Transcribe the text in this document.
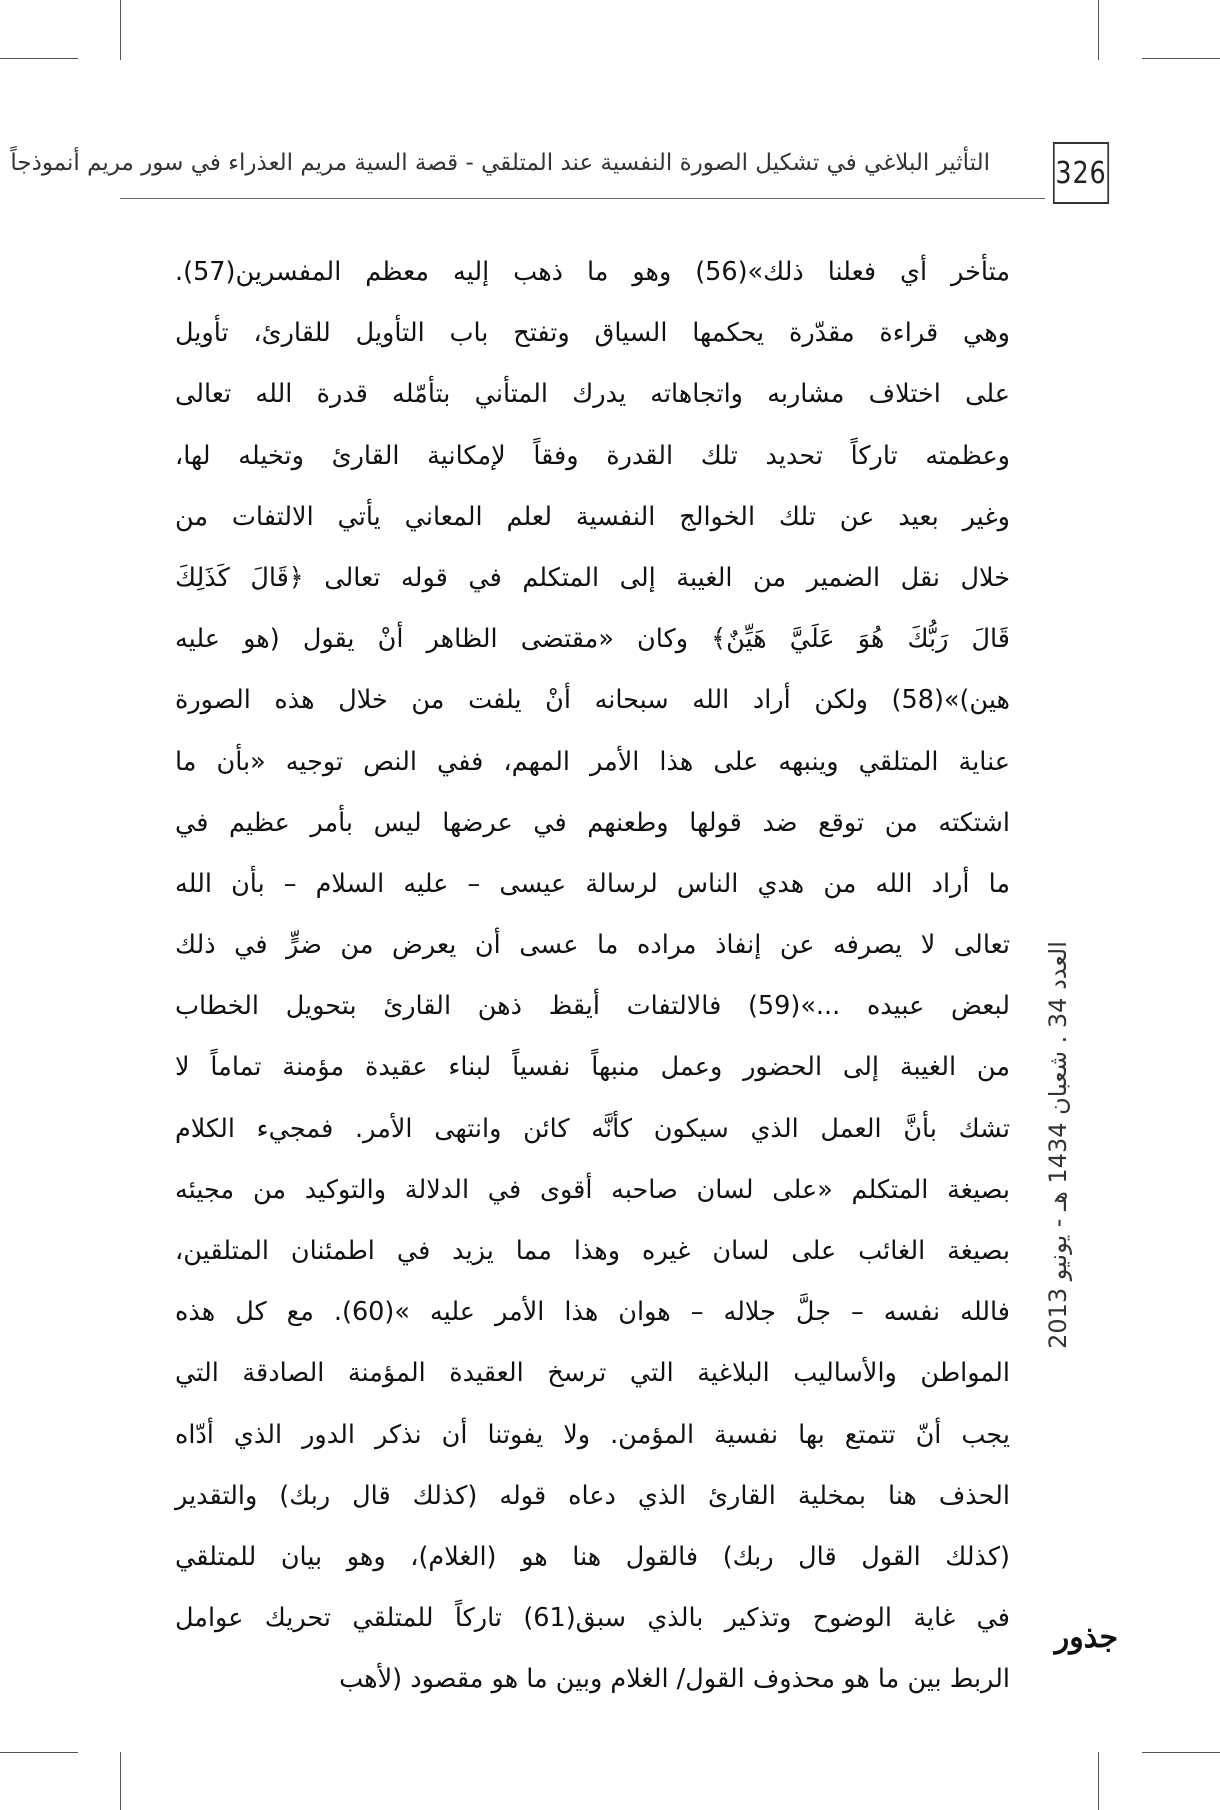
التأثير البلاغي في تشكيل الصورة النفسية عند المتلقي - قصة السية مريم العذراء في سور مريم أنموذجاً 326
متأخر أي فعلنا ذلك»(56) وهو ما ذهب إليه معظم المفسرين(57).
وهي قراءة مقدّرة يحكمها السياق وتفتح باب التأويل للقارئ، تأويل
على اختلاف مشاربه واتجاهاته يدرك المتأني بتأمّله قدرة الله تعالى
وعظمته تاركاً تحديد تلك القدرة وفقاً لإمكانية القارئ وتخيله لها،
وغير بعيد عن تلك الخوالج النفسية لعلم المعاني يأتي الالتفات من
خلال نقل الضمير من الغيبة إلى المتكلم في قوله تعالى ﴿قَالَ كَذَلِكَ
قَالَ رَبُّكَ هُوَ عَلَيَّ هَيِّنٌ﴾ وكان «مقتضى الظاهر أنْ يقول (هو عليه
هين)»(58) ولكن أراد الله سبحانه أنْ يلفت من خلال هذه الصورة
عناية المتلقي وينبهه على هذا الأمر المهم، ففي النص توجيه «بأن ما
اشتكته من توقع ضد قولها وطعنهم في عرضها ليس بأمر عظيم في
ما أراد الله من هدي الناس لرسالة عيسى – عليه السلام – بأن الله
تعالى لا يصرفه عن إنفاذ مراده ما عسى أن يعرض من ضرٍّ في ذلك
لبعض عبيده ...»(59) فالالتفات أيقظ ذهن القارئ بتحويل الخطاب
من الغيبة إلى الحضور وعمل منبهاً نفسياً لبناء عقيدة مؤمنة تماماً لا
تشك بأنَّ العمل الذي سيكون كأنَّه كائن وانتهى الأمر. فمجيء الكلام
بصيغة المتكلم «على لسان صاحبه أقوى في الدلالة والتوكيد من مجيئه
بصيغة الغائب على لسان غيره وهذا مما يزيد في اطمئنان المتلقين،
فالله نفسه – جلَّ جلاله – هوان هذا الأمر عليه »(60). مع كل هذه
المواطن والأساليب البلاغية التي ترسخ العقيدة المؤمنة الصادقة التي
يجب أنّ تتمتع بها نفسية المؤمن. ولا يفوتنا أن نذكر الدور الذي أدّاه
الحذف هنا بمخلية القارئ الذي دعاه قوله (كذلك قال ربك) والتقدير
(كذلك القول قال ربك) فالقول هنا هو (الغلام)، وهو بيان للمتلقي
في غاية الوضوح وتذكير بالذي سبق(61) تاركاً للمتلقي تحريك عوامل
الربط بين ما هو محذوف القول/ الغلام وبين ما هو مقصود (لأهب
العدد 34 . شعبان 1434 هـ - يونيو 2013
جذور
